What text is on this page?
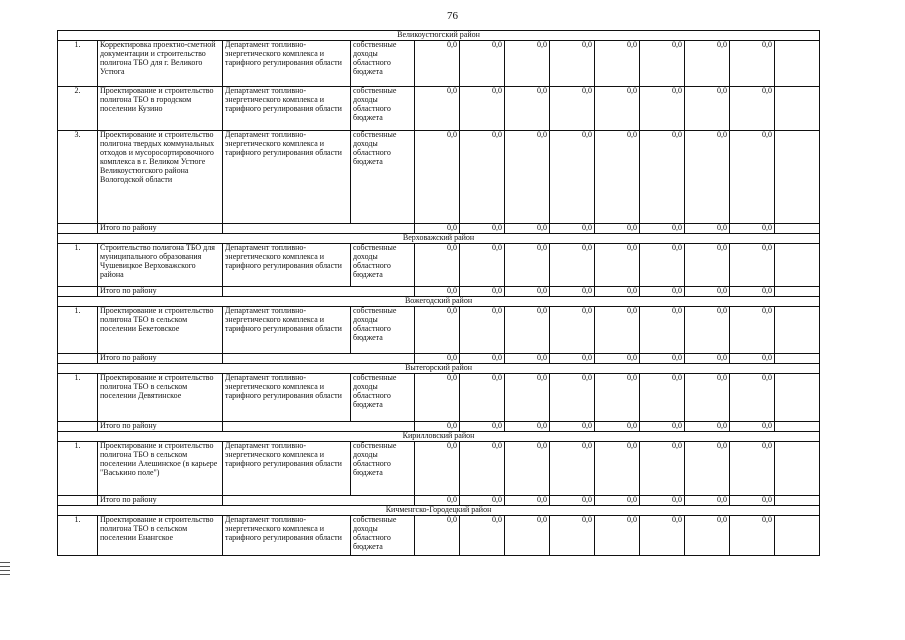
76
Великоустюгский район												
1.	Корректировка проектно-сметной документации и строительство полигона ТБО для г. Великого Устюга	Департамент топливно-энергетического комплекса и тарифного регулирования области	собственные доходы областного бюджета	0,0	0,0	0,0	0,0	0,0	0,0	0,0	0,0	
2.	Проектирование и строительство полигона ТБО в городском поселении Кузино	Департамент топливно-энергетического комплекса и тарифного регулирования области	собственные доходы областного бюджета	0,0	0,0	0,0	0,0	0,0	0,0	0,0	0,0	
3.	Проектирование и строительство полигона твердых коммунальных отходов и мусоросортировочного комплекса в г. Великом Устюге Великоустюгского района Вологодской области	Департамент топливно-энергетического комплекса и тарифного регулирования области	собственные доходы областного бюджета	0,0	0,0	0,0	0,0	0,0	0,0	0,0	0,0	
	Итого по району			0,0	0,0	0,0	0,0	0,0	0,0	0,0	0,0	
Верховажский район												
1.	Строительство полигона ТБО для муниципального образования Чушевицкое Верховажского района	Департамент топливно-энергетического комплекса и тарифного регулирования области	собственные доходы областного бюджета	0,0	0,0	0,0	0,0	0,0	0,0	0,0	0,0	
	Итого по району			0,0	0,0	0,0	0,0	0,0	0,0	0,0	0,0	
Вожегодский район												
1.	Проектирование и строительство полигона ТБО в сельском поселении Бекетовское	Департамент топливно-энергетического комплекса и тарифного регулирования области	собственные доходы областного бюджета	0,0	0,0	0,0	0,0	0,0	0,0	0,0	0,0	
	Итого по району			0,0	0,0	0,0	0,0	0,0	0,0	0,0	0,0	
Вытегорский район												
1.	Проектирование и строительство полигона ТБО в сельском поселении Девятинское	Департамент топливно-энергетического комплекса и тарифного регулирования области	собственные доходы областного бюджета	0,0	0,0	0,0	0,0	0,0	0,0	0,0	0,0	
	Итого по району			0,0	0,0	0,0	0,0	0,0	0,0	0,0	0,0	
Кирилловский район												
1.	Проектирование и строительство полигона ТБО в сельском поселении Алешинское (в карьере "Васькино поле")	Департамент топливно-энергетического комплекса и тарифного регулирования области	собственные доходы областного бюджета	0,0	0,0	0,0	0,0	0,0	0,0	0,0	0,0	
	Итого по району			0,0	0,0	0,0	0,0	0,0	0,0	0,0	0,0	
Кичменгско-Городецкий район												
1.	Проектирование и строительство полигона ТБО в сельском поселении Енангское	Департамент топливно-энергетического комплекса и тарифного регулирования области	собственные доходы областного бюджета	0,0	0,0	0,0	0,0	0,0	0,0	0,0	0,0	
